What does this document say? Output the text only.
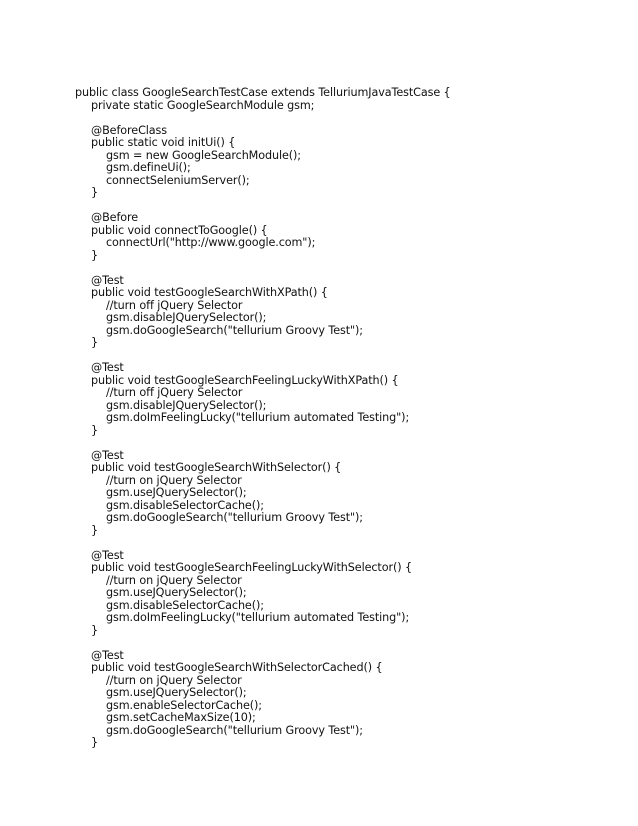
public class GoogleSearchTestCase extends TelluriumJavaTestCase {
private static GoogleSearchModule gsm;
@BeforeClass
public static void initUi() {
gsm = new GoogleSearchModule();
gsm.defineUi();
connectSeleniumServer();
}
@Before
public void connectToGoogle() {
connectUrl("http://www.google.com");
}
@Test
public void testGoogleSearchWithXPath() {
//turn off jQuery Selector
gsm.disableJQuerySelector();
gsm.doGoogleSearch("tellurium Groovy Test");
}
@Test
public void testGoogleSearchFeelingLuckyWithXPath() {
//turn off jQuery Selector
gsm.disableJQuerySelector();
gsm.doImFeelingLucky("tellurium automated Testing");
}
@Test
public void testGoogleSearchWithSelector() {
//turn on jQuery Selector
gsm.useJQuerySelector();
gsm.disableSelectorCache();
gsm.doGoogleSearch("tellurium Groovy Test");
}
@Test
public void testGoogleSearchFeelingLuckyWithSelector() {
//turn on jQuery Selector
gsm.useJQuerySelector();
gsm.disableSelectorCache();
gsm.doImFeelingLucky("tellurium automated Testing");
}
@Test
public void testGoogleSearchWithSelectorCached() {
//turn on jQuery Selector
gsm.useJQuerySelector();
gsm.enableSelectorCache();
gsm.setCacheMaxSize(10);
gsm.doGoogleSearch("tellurium Groovy Test");
}
